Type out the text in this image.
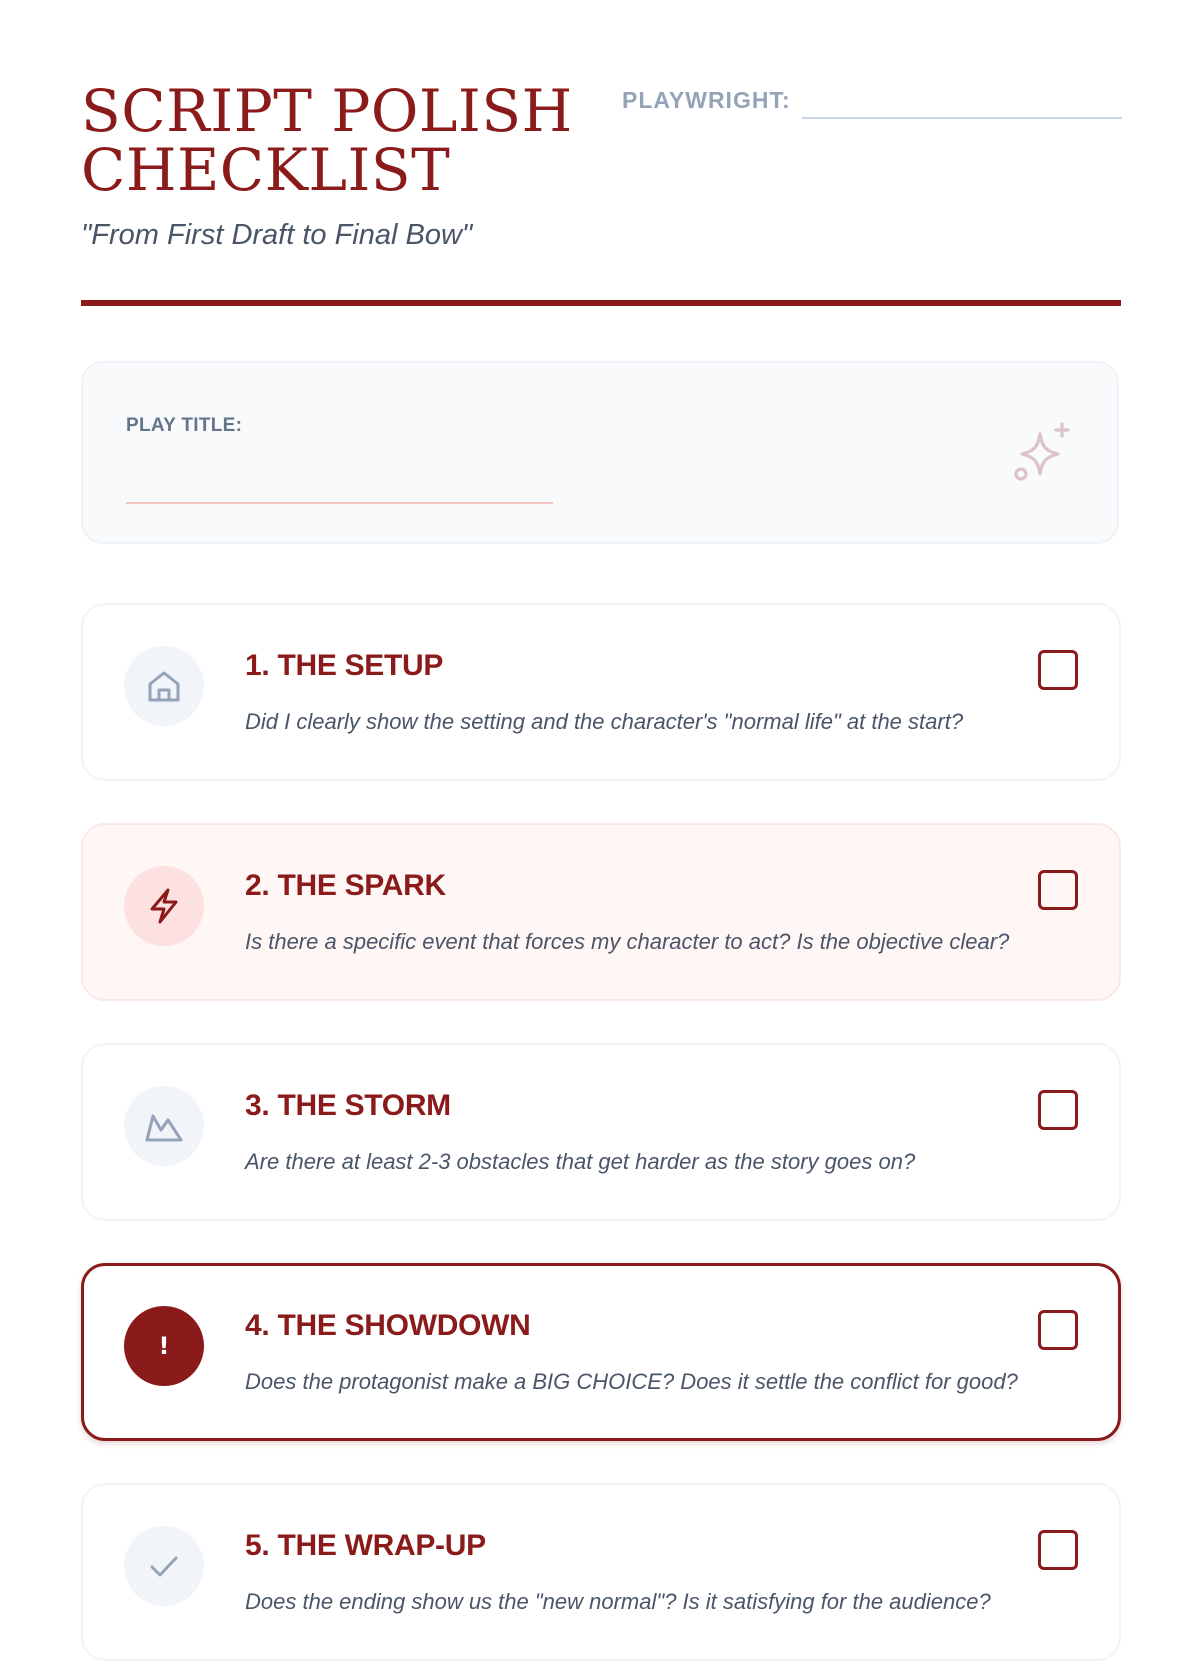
SCRIPT POLISH
CHECKLIST
"From First Draft to Final Bow"
PLAYWRIGHT:
PLAY TITLE:
1. THE SETUP
Did I clearly show the setting and the character's "normal life" at the start?
2. THE SPARK
Is there a specific event that forces my character to act? Is the objective clear?
3. THE STORM
Are there at least 2-3 obstacles that get harder as the story goes on?
!
4. THE SHOWDOWN
Does the protagonist make a BIG CHOICE? Does it settle the conflict for good?
5. THE WRAP-UP
Does the ending show us the "new normal"? Is it satisfying for the audience?
